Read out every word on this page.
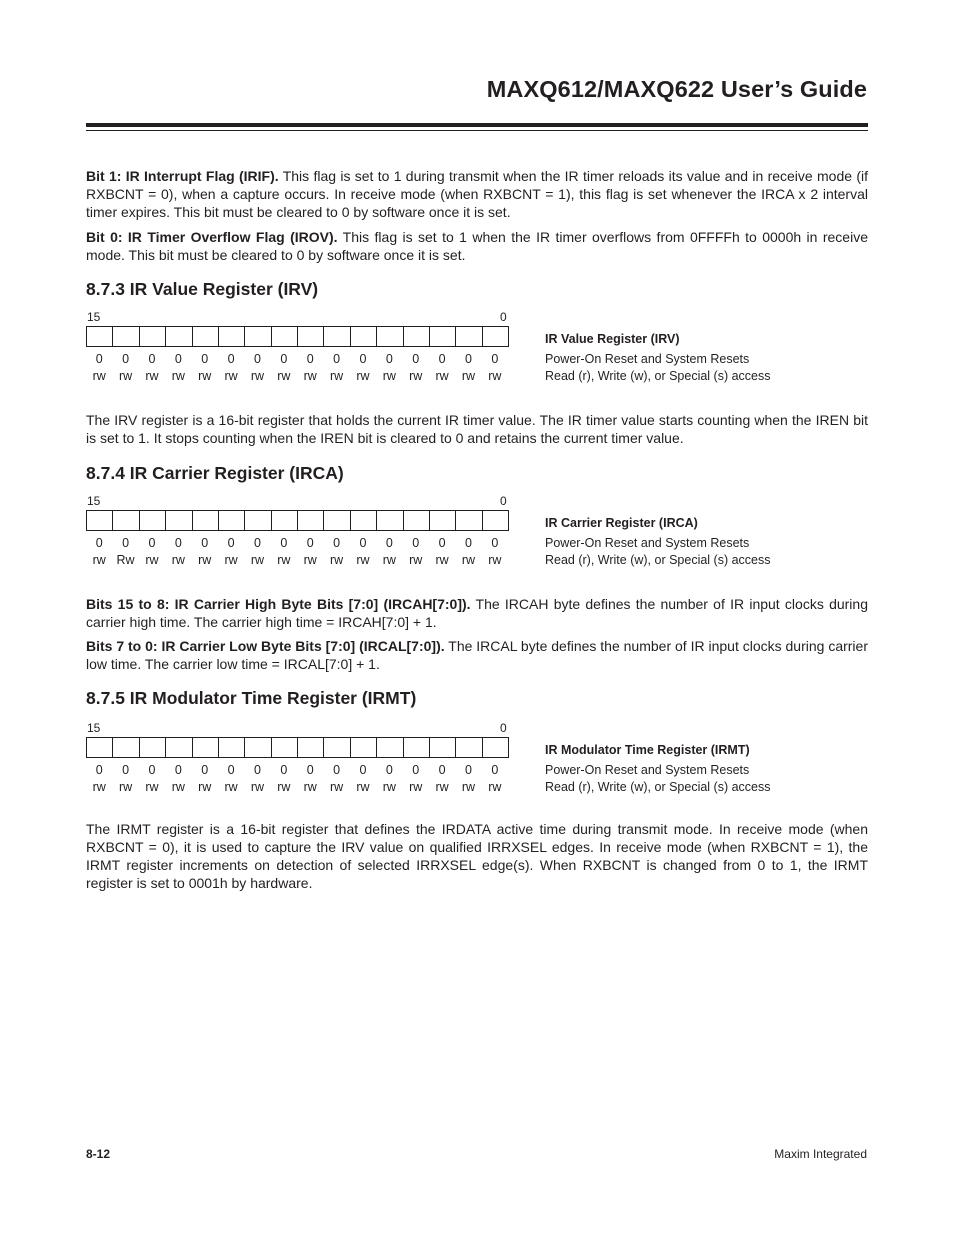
MAXQ612/MAXQ622 User’s Guide

Bit 1: IR Interrupt Flag (IRIF). This flag is set to 1 during transmit when the IR timer reloads its value and in receive mode (if RXBCNT = 0), when a capture occurs. In receive mode (when RXBCNT = 1), this flag is set whenever the IRCA x 2 interval timer expires. This bit must be cleared to 0 by software once it is set.

Bit 0: IR Timer Overflow Flag (IROV). This flag is set to 1 when the IR timer overflows from 0FFFFh to 0000h in receive mode. This bit must be cleared to 0 by software once it is set.

8.7.3 IR Value Register (IRV)
15	0
0	0	0	0	0	0	0	0	0	0	0	0	0	0	0	0
rw	rw	rw	rw	rw	rw	rw	rw	rw	rw	rw	rw	rw	rw	rw	rw
IR Value Register (IRV)
Power-On Reset and System Resets
Read (r), Write (w), or Special (s) access

The IRV register is a 16-bit register that holds the current IR timer value. The IR timer value starts counting when the IREN bit is set to 1. It stops counting when the IREN bit is cleared to 0 and retains the current timer value.

8.7.4 IR Carrier Register (IRCA)
15	0
0	0	0	0	0	0	0	0	0	0	0	0	0	0	0	0
rw Rw rw	rw	rw	rw	rw	rw	rw	rw	rw	rw	rw	rw	rw	rw
IR Carrier Register (IRCA)
Power-On Reset and System Resets
Read (r), Write (w), or Special (s) access

Bits 15 to 8: IR Carrier High Byte Bits [7:0] (IRCAH[7:0]). The IRCAH byte defines the number of IR input clocks during carrier high time. The carrier high time = IRCAH[7:0] + 1.

Bits 7 to 0: IR Carrier Low Byte Bits [7:0] (IRCAL[7:0]). The IRCAL byte defines the number of IR input clocks during carrier low time. The carrier low time = IRCAL[7:0] + 1.

8.7.5 IR Modulator Time Register (IRMT)
15	0
0	0	0	0	0	0	0	0	0	0	0	0	0	0	0	0
rw	rw	rw	rw	rw	rw	rw	rw	rw	rw	rw	rw	rw	rw	rw	rw
IR Modulator Time Register (IRMT)
Power-On Reset and System Resets
Read (r), Write (w), or Special (s) access

The IRMT register is a 16-bit register that defines the IRDATA active time during transmit mode. In receive mode (when RXBCNT = 0), it is used to capture the IRV value on qualified IRRXSEL edges. In receive mode (when RXBCNT = 1), the IRMT register increments on detection of selected IRRXSEL edge(s). When RXBCNT is changed from 0 to 1, the IRMT register is set to 0001h by hardware.

8-12	Maxim Integrated
